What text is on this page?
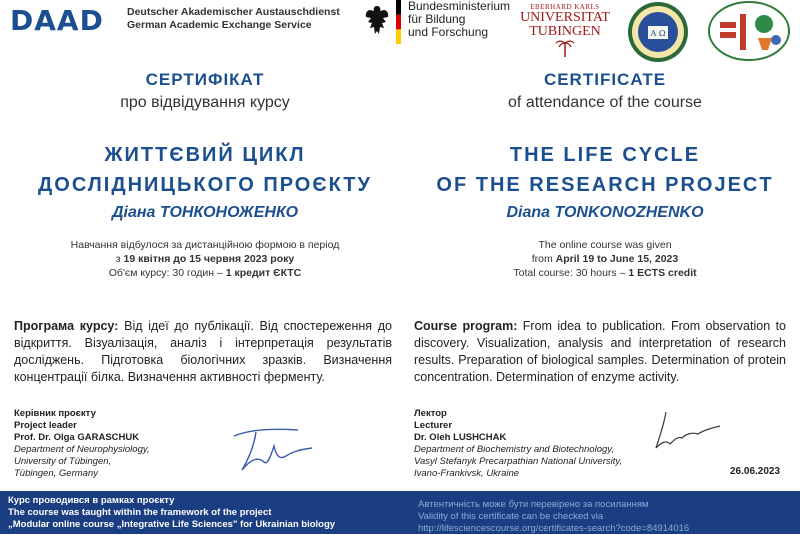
DAAD Deutscher Akademischer Austauschdienst
German Academic Exchange Service
Bundesministerium
für Bildung
und Forschung
EBERHARD KARLS
UNIVERSITAT
TUBINGEN	Α Ω
СЕРТИФІКАТ	CERTIFICATE
про відвідування курсу	of attendance of the course
ЖИТТЄВИЙ ЦИКЛ
ДОСЛІДНИЦЬКОГО ПРОЄКТУ
THE LIFE CYCLE
OF THE RESEARCH PROJECT
Діана ТОНКОНОЖЕНКО	Diana TONKONOZHENKO
Навчання відбулося за дистанційною формою в період
з 19 квітня до 15 червня 2023 року
Об'єм курсу: 30 годин – 1 кредит ЄКТС
The online course was given
from April 19 to June 15, 2023
Total course: 30 hours – 1 ECTS credit
Програма курсу: Від ідеї до публікації. Від спостереження до відкриття. Візуалізація, аналіз і інтерпретація результатів досліджень. Підготовка біологічних зразків. Визначення концентрації білка. Визначення активності ферменту.
Course program: From idea to publication. From observation to discovery. Visualization, analysis and interpretation of research results. Preparation of biological samples. Determination of protein concentration. Determination of enzyme activity.
Керівник проєкту
Project leader
Prof. Dr. Olga GARASCHUK
Department of Neurophysiology,
University of Tübingen,
Tübingen, Germany
Лектор
Lecturer
Dr. Oleh LUSHCHAK
Department of Biochemistry and Biotechnology,
Vasyl Stefanyk Precarpathian National University,
Ivano-Frankivsk, Ukraine	26.06.2023
Курс проводився в рамках проєкту
The course was taught within the framework of the project
„Modular online course „Integrative Life Sciences" for Ukrainian biology
Автентичність може бути перевірено за посиланням
Validity of this certificate can be checked via
http://lifesciencescourse.org/certificates-search?code=84914016
